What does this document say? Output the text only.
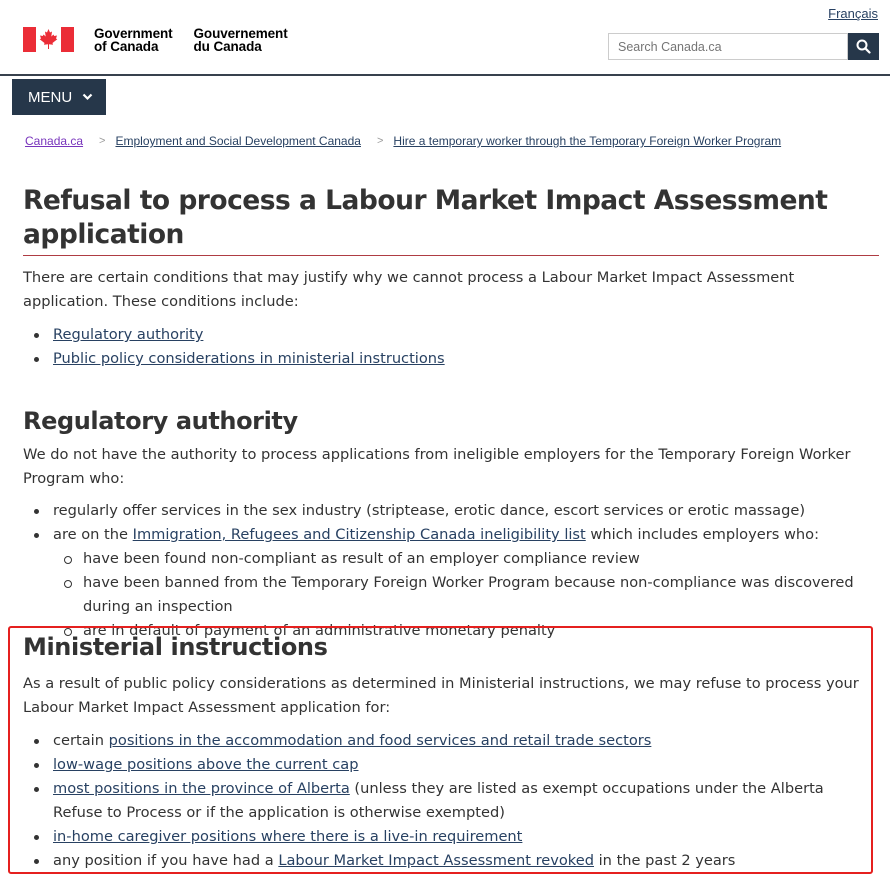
Français
Government
of Canada
Gouvernement
du Canada
Search Canada.ca
MENU
Canada.ca > Employment and Social Development Canada > Hire a temporary worker through the Temporary Foreign Worker Program
Refusal to process a Labour Market Impact Assessment application

There are certain conditions that may justify why we cannot process a Labour Market Impact Assessment application. These conditions include:

Regulatory authority
Public policy considerations in ministerial instructions
Regulatory authority

We do not have the authority to process applications from ineligible employers for the Temporary Foreign Worker Program who:

regularly offer services in the sex industry (striptease, erotic dance, escort services or erotic massage)
are on the Immigration, Refugees and Citizenship Canada ineligibility list which includes employers who:
have been found non-compliant as result of an employer compliance review
have been banned from the Temporary Foreign Worker Program because non-compliance was discovered during an inspection
are in default of payment of an administrative monetary penalty
Ministerial instructions

As a result of public policy considerations as determined in Ministerial instructions, we may refuse to process your Labour Market Impact Assessment application for:

certain positions in the accommodation and food services and retail trade sectors
low-wage positions above the current cap
most positions in the province of Alberta (unless they are listed as exempt occupations under the Alberta Refuse to Process or if the application is otherwise exempted)
in-home caregiver positions where there is a live-in requirement
any position if you have had a Labour Market Impact Assessment revoked in the past 2 years
